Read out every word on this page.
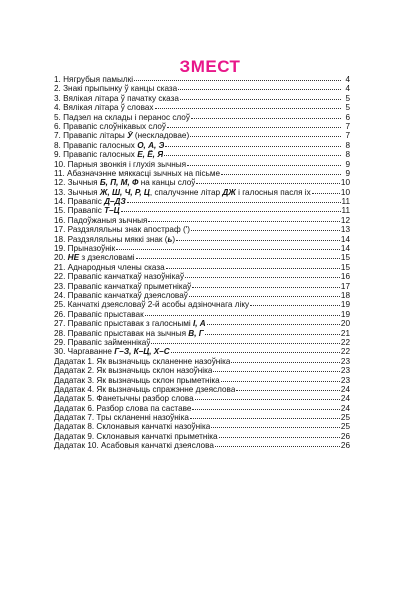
ЗМЕСТ
1. Нягрубыя памылкі	4
2. Знакі прыпынку ў канцы сказа	4
3. Вялікая літара ў пачатку сказа	5
4. Вялікая літара ў словах	5
5. Падзел на склады і перанос слоў	6
6. Правапіс слоўнікавых слоў	7
7. Правапіс літары Ў (нескладовае)	7
8. Правапіс галосных О, А, Э	8
9. Правапіс галосных Е, Ё, Я	8
10. Парныя звонкія і глухія зычныя	9
11. Абазначэнне мяккасці зычных на пісьме	9
12. Зычныя Б, П, М, Ф на канцы слоў	10
13. Зычныя Ж, Ш, Ч, Р, Ц, спалучэнне літар ДЖ і галосныя пасля іх	10
14. Правапіс Д–ДЗ	11
15. Правапіс Т–Ц	11
16. Падоўжаныя зычныя	12
17. Раздзяляльны знак апостраф (')	13
18. Раздзяляльны мяккі знак (ь)	14
19. Прыназоўнік	14
20. НЕ з дзеясловамі	15
21. Аднародныя члены сказа	15
22. Правапіс канчаткаў назоўнікаў	16
23. Правапіс канчаткаў прыметнікаў	17
24. Правапіс канчаткаў дзеясловаў	18
25. Канчаткі дзеясловаў 2-й асобы адзіночнага ліку	19
26. Правапіс прыставак	19
27. Правапіс прыставак з галоснымі І, А	20
28. Правапіс прыставак на зычныя В, Г	21
29. Правапіс займеннікаў	22
30. Чаргаванне Г–З, К–Ц, Х–С	22
Дадатак 1. Як вызначыць скланенне назоўніка	23
Дадатак 2. Як вызначыць склон назоўніка	23
Дадатак 3. Як вызначыць склон прыметніка	23
Дадатак 4. Як вызначыць спражэнне дзеяслова	24
Дадатак 5. Фанетычны разбор слова	24
Дадатак 6. Разбор слова па саставе	24
Дадатак 7. Тры скланенні назоўніка	25
Дадатак 8. Склонавыя канчаткі назоўніка	25
Дадатак 9. Склонавыя канчаткі прыметніка	26
Дадатак 10. Асабовыя канчаткі дзеяслова	26
